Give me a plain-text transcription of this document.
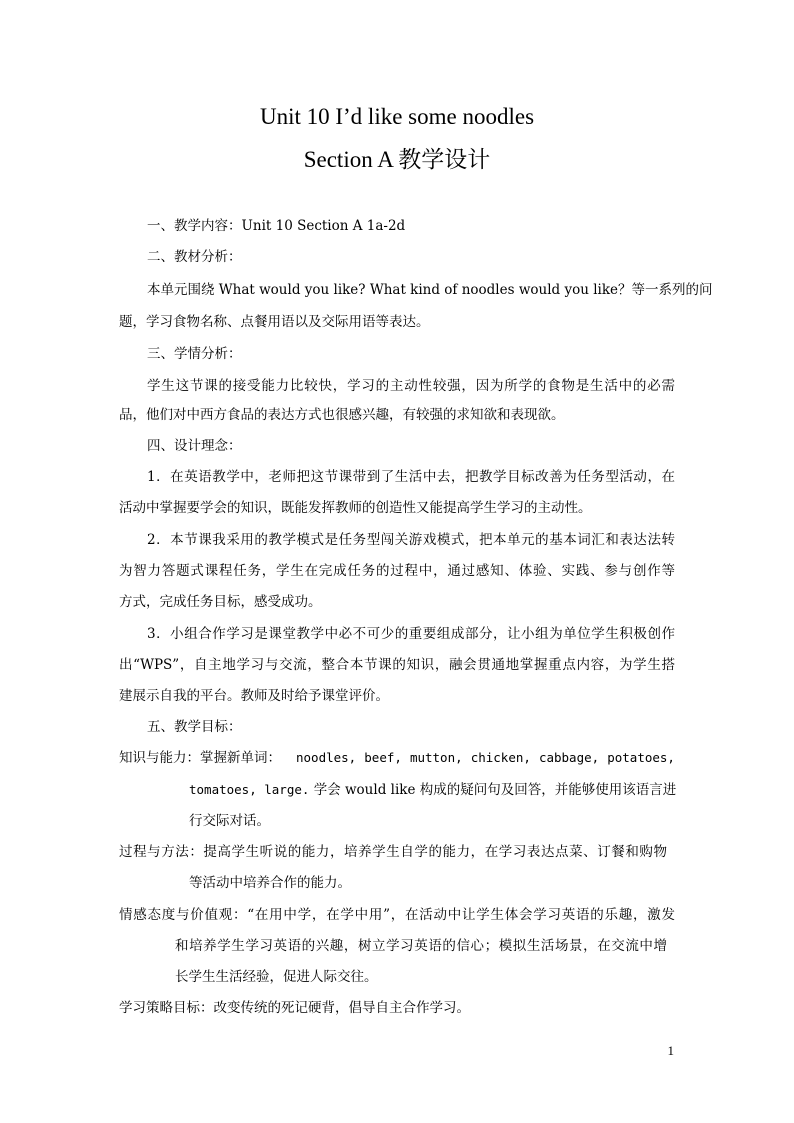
Unit 10 I’d like some noodles
Section A 教学设计
一、教学内容：Unit 10 Section A 1a-2d
二、教材分析：
本单元围绕 What would you like? What kind of noodles would you like？等一系列的问
题，学习食物名称、点餐用语以及交际用语等表达。
三、学情分析：
学生这节课的接受能力比较快，学习的主动性较强，因为所学的食物是生活中的必需
品，他们对中西方食品的表达方式也很感兴趣，有较强的求知欲和表现欲。
四、设计理念：
1．在英语教学中，老师把这节课带到了生活中去，把教学目标改善为任务型活动，在
活动中掌握要学会的知识，既能发挥教师的创造性又能提高学生学习的主动性。
2．本节课我采用的教学模式是任务型闯关游戏模式，把本单元的基本词汇和表达法转
为智力答题式课程任务，学生在完成任务的过程中，通过感知、体验、实践、参与创作等
方式，完成任务目标，感受成功。
3．小组合作学习是课堂教学中必不可少的重要组成部分，让小组为单位学生积极创作
出“WPS”，自主地学习与交流，整合本节课的知识，融会贯通地掌握重点内容，为学生搭
建展示自我的平台。教师及时给予课堂评价。
五、教学目标：
知识与能力：掌握新单词： noodles, beef, mutton, chicken, cabbage, potatoes,
tomatoes, large. 学会 would like 构成的疑问句及回答，并能够使用该语言进
行交际对话。
过程与方法：提高学生听说的能力，培养学生自学的能力，在学习表达点菜、订餐和购物
等活动中培养合作的能力。
情感态度与价值观：“在用中学，在学中用”，在活动中让学生体会学习英语的乐趣，激发
和培养学生学习英语的兴趣，树立学习英语的信心；模拟生活场景，在交流中增
长学生生活经验，促进人际交往。
学习策略目标：改变传统的死记硬背，倡导自主合作学习。
1
